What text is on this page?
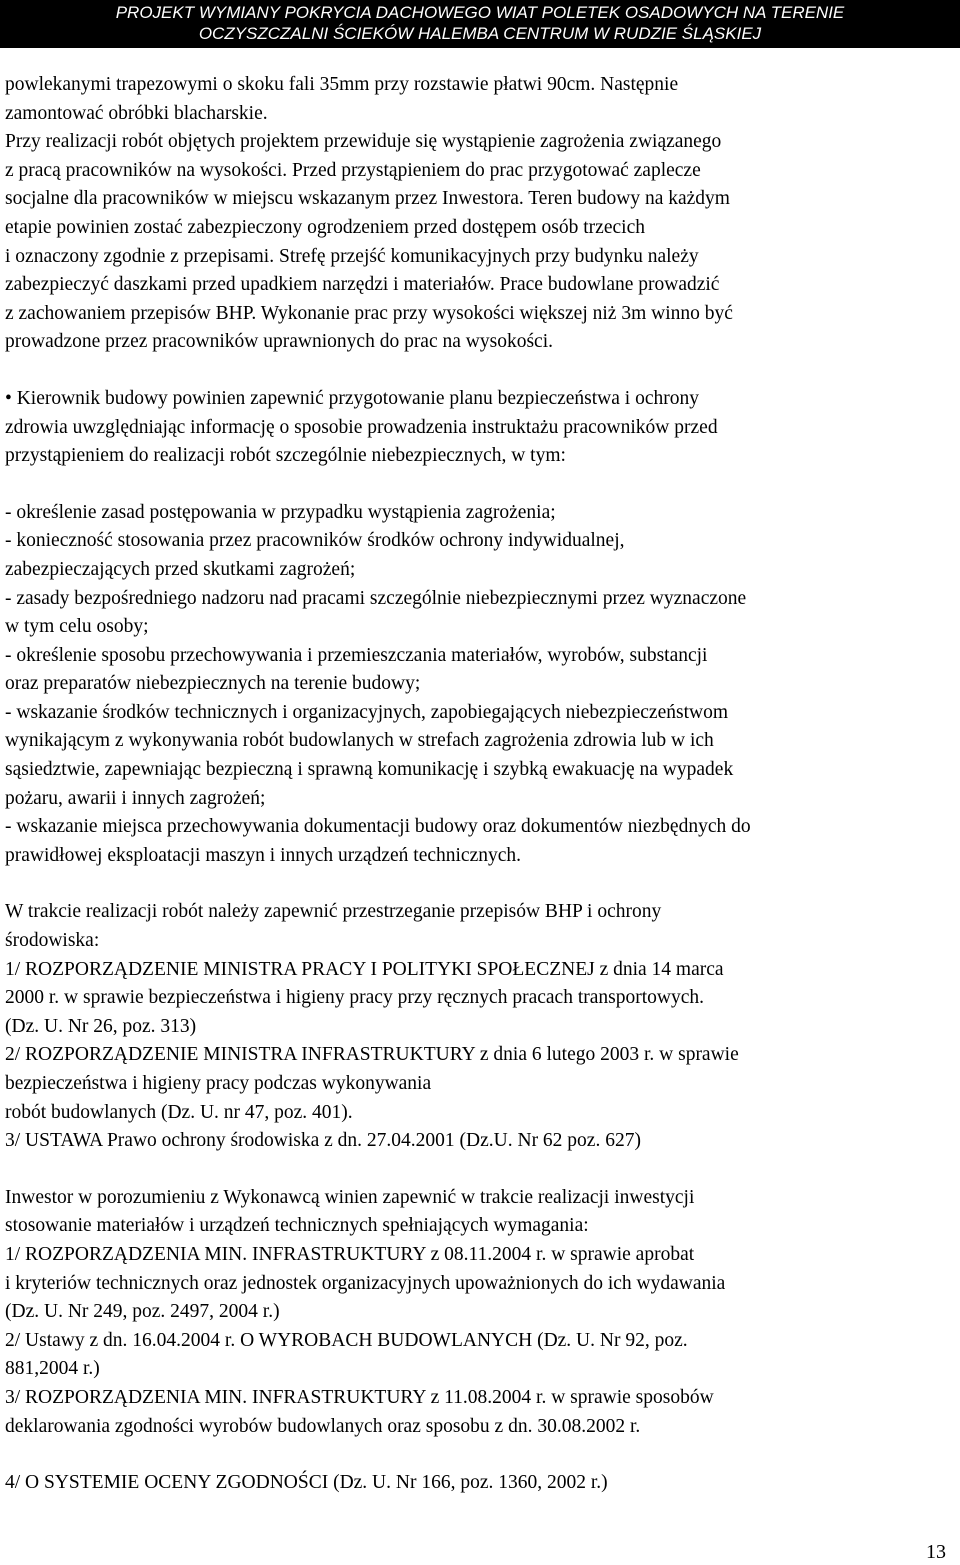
PROJEKT WYMIANY POKRYCIA DACHOWEGO WIAT POLETEK OSADOWYCH NA TERENIE
OCZYSZCZALNI ŚCIEKÓW HALEMBA CENTRUM W RUDZIE ŚLĄSKIEJ

powlekanymi trapezowymi o skoku fali 35mm przy rozstawie płatwi 90cm. Następnie
zamontować obróbki blacharskie.
Przy realizacji robót objętych projektem przewiduje się wystąpienie zagrożenia związanego
z pracą pracowników na wysokości. Przed przystąpieniem do prac przygotować zaplecze
socjalne dla pracowników w miejscu wskazanym przez Inwestora. Teren budowy na każdym
etapie powinien zostać zabezpieczony ogrodzeniem przed dostępem osób trzecich
i oznaczony zgodnie z przepisami. Strefę przejść komunikacyjnych przy budynku należy
zabezpieczyć daszkami przed upadkiem narzędzi i materiałów. Prace budowlane prowadzić
z zachowaniem przepisów BHP. Wykonanie prac przy wysokości większej niż 3m winno być
prowadzone przez pracowników uprawnionych do prac na wysokości.

• Kierownik budowy powinien zapewnić przygotowanie planu bezpieczeństwa i ochrony
zdrowia uwzględniając informację o sposobie prowadzenia instruktażu pracowników przed
przystąpieniem do realizacji robót szczególnie niebezpiecznych, w tym:

- określenie zasad postępowania w przypadku wystąpienia zagrożenia;
- konieczność stosowania przez pracowników środków ochrony indywidualnej,
zabezpieczających przed skutkami zagrożeń;
- zasady bezpośredniego nadzoru nad pracami szczególnie niebezpiecznymi przez wyznaczone
w tym celu osoby;
- określenie sposobu przechowywania i przemieszczania materiałów, wyrobów, substancji
oraz preparatów niebezpiecznych na terenie budowy;
- wskazanie środków technicznych i organizacyjnych, zapobiegających niebezpieczeństwom
wynikającym z wykonywania robót budowlanych w strefach zagrożenia zdrowia lub w ich
sąsiedztwie, zapewniając bezpieczną i sprawną komunikację i szybką ewakuację na wypadek
pożaru, awarii i innych zagrożeń;
- wskazanie miejsca przechowywania dokumentacji budowy oraz dokumentów niezbędnych do
prawidłowej eksploatacji maszyn i innych urządzeń technicznych.

W trakcie realizacji robót należy zapewnić przestrzeganie przepisów BHP i ochrony
środowiska:
1/ ROZPORZĄDZENIE MINISTRA PRACY I POLITYKI SPOŁECZNEJ z dnia 14 marca
2000 r. w sprawie bezpieczeństwa i higieny pracy przy ręcznych pracach transportowych.
(Dz. U. Nr 26, poz. 313)
2/ ROZPORZĄDZENIE MINISTRA INFRASTRUKTURY z dnia 6 lutego 2003 r. w sprawie
bezpieczeństwa i higieny pracy podczas wykonywania
robót budowlanych (Dz. U. nr 47, poz. 401).
3/ USTAWA Prawo ochrony środowiska z dn. 27.04.2001 (Dz.U. Nr 62 poz. 627)

Inwestor w porozumieniu z Wykonawcą winien zapewnić w trakcie realizacji inwestycji
stosowanie materiałów i urządzeń technicznych spełniających wymagania:
1/ ROZPORZĄDZENIA MIN. INFRASTRUKTURY z 08.11.2004 r. w sprawie aprobat
i kryteriów technicznych oraz jednostek organizacyjnych upoważnionych do ich wydawania
(Dz. U. Nr 249, poz. 2497, 2004 r.)
2/ Ustawy z dn. 16.04.2004 r. O WYROBACH BUDOWLANYCH (Dz. U. Nr 92, poz.
881,2004 r.)
3/ ROZPORZĄDZENIA MIN. INFRASTRUKTURY z 11.08.2004 r. w sprawie sposobów
deklarowania zgodności wyrobów budowlanych oraz sposobu z dn. 30.08.2002 r.

4/ O SYSTEMIE OCENY ZGODNOŚCI (Dz. U. Nr 166, poz. 1360, 2002 r.)

13
